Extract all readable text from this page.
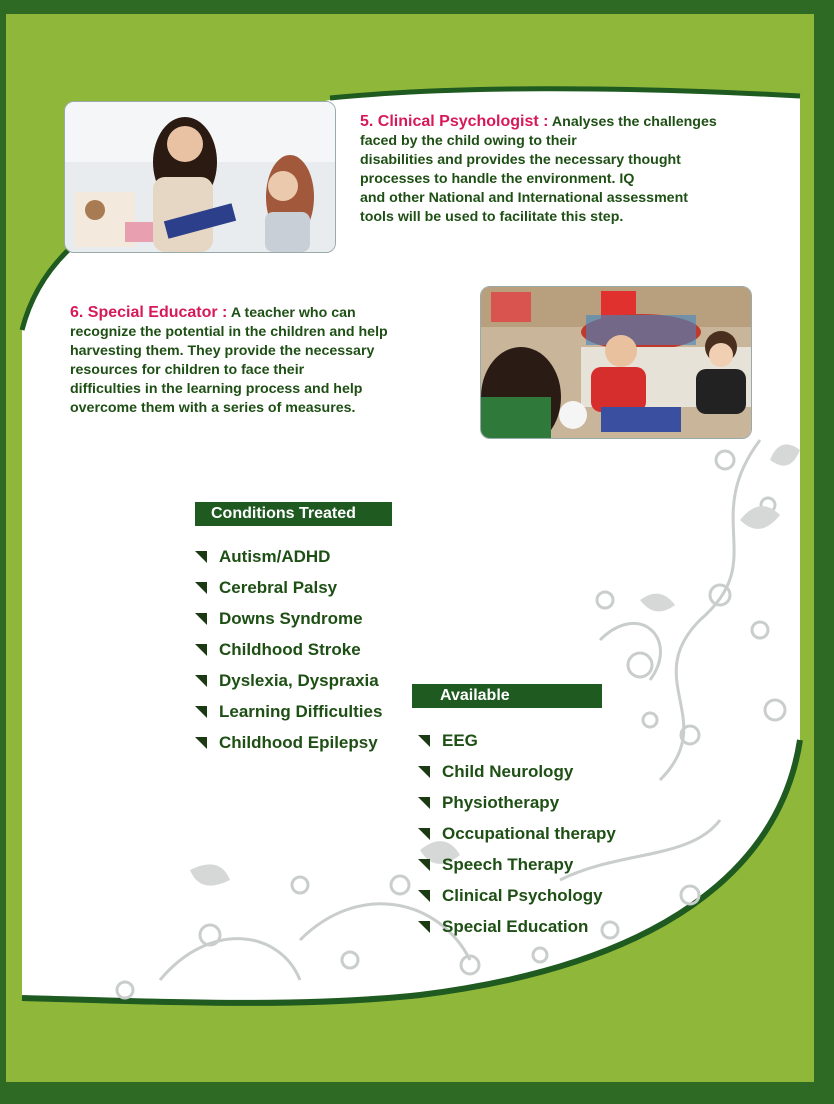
5. Clinical Psychologist : Analyses the challenges
faced by the child owing to their
disabilities and provides the necessary thought
processes to handle the environment. IQ
and other National and International assessment
tools will be used to facilitate this step.
6. Special Educator : A teacher who can
recognize the potential in the children and help
harvesting them. They provide the necessary
resources for children to face their
difficulties in the learning process and help
overcome them with a series of measures.
Conditions Treated
Autism/ADHD
Cerebral Palsy
Downs Syndrome
Childhood Stroke
Dyslexia, Dyspraxia
Learning Difficulties
Childhood Epilepsy
Available
EEG
Child Neurology
Physiotherapy
Occupational therapy
Speech Therapy
Clinical Psychology
Special Education
